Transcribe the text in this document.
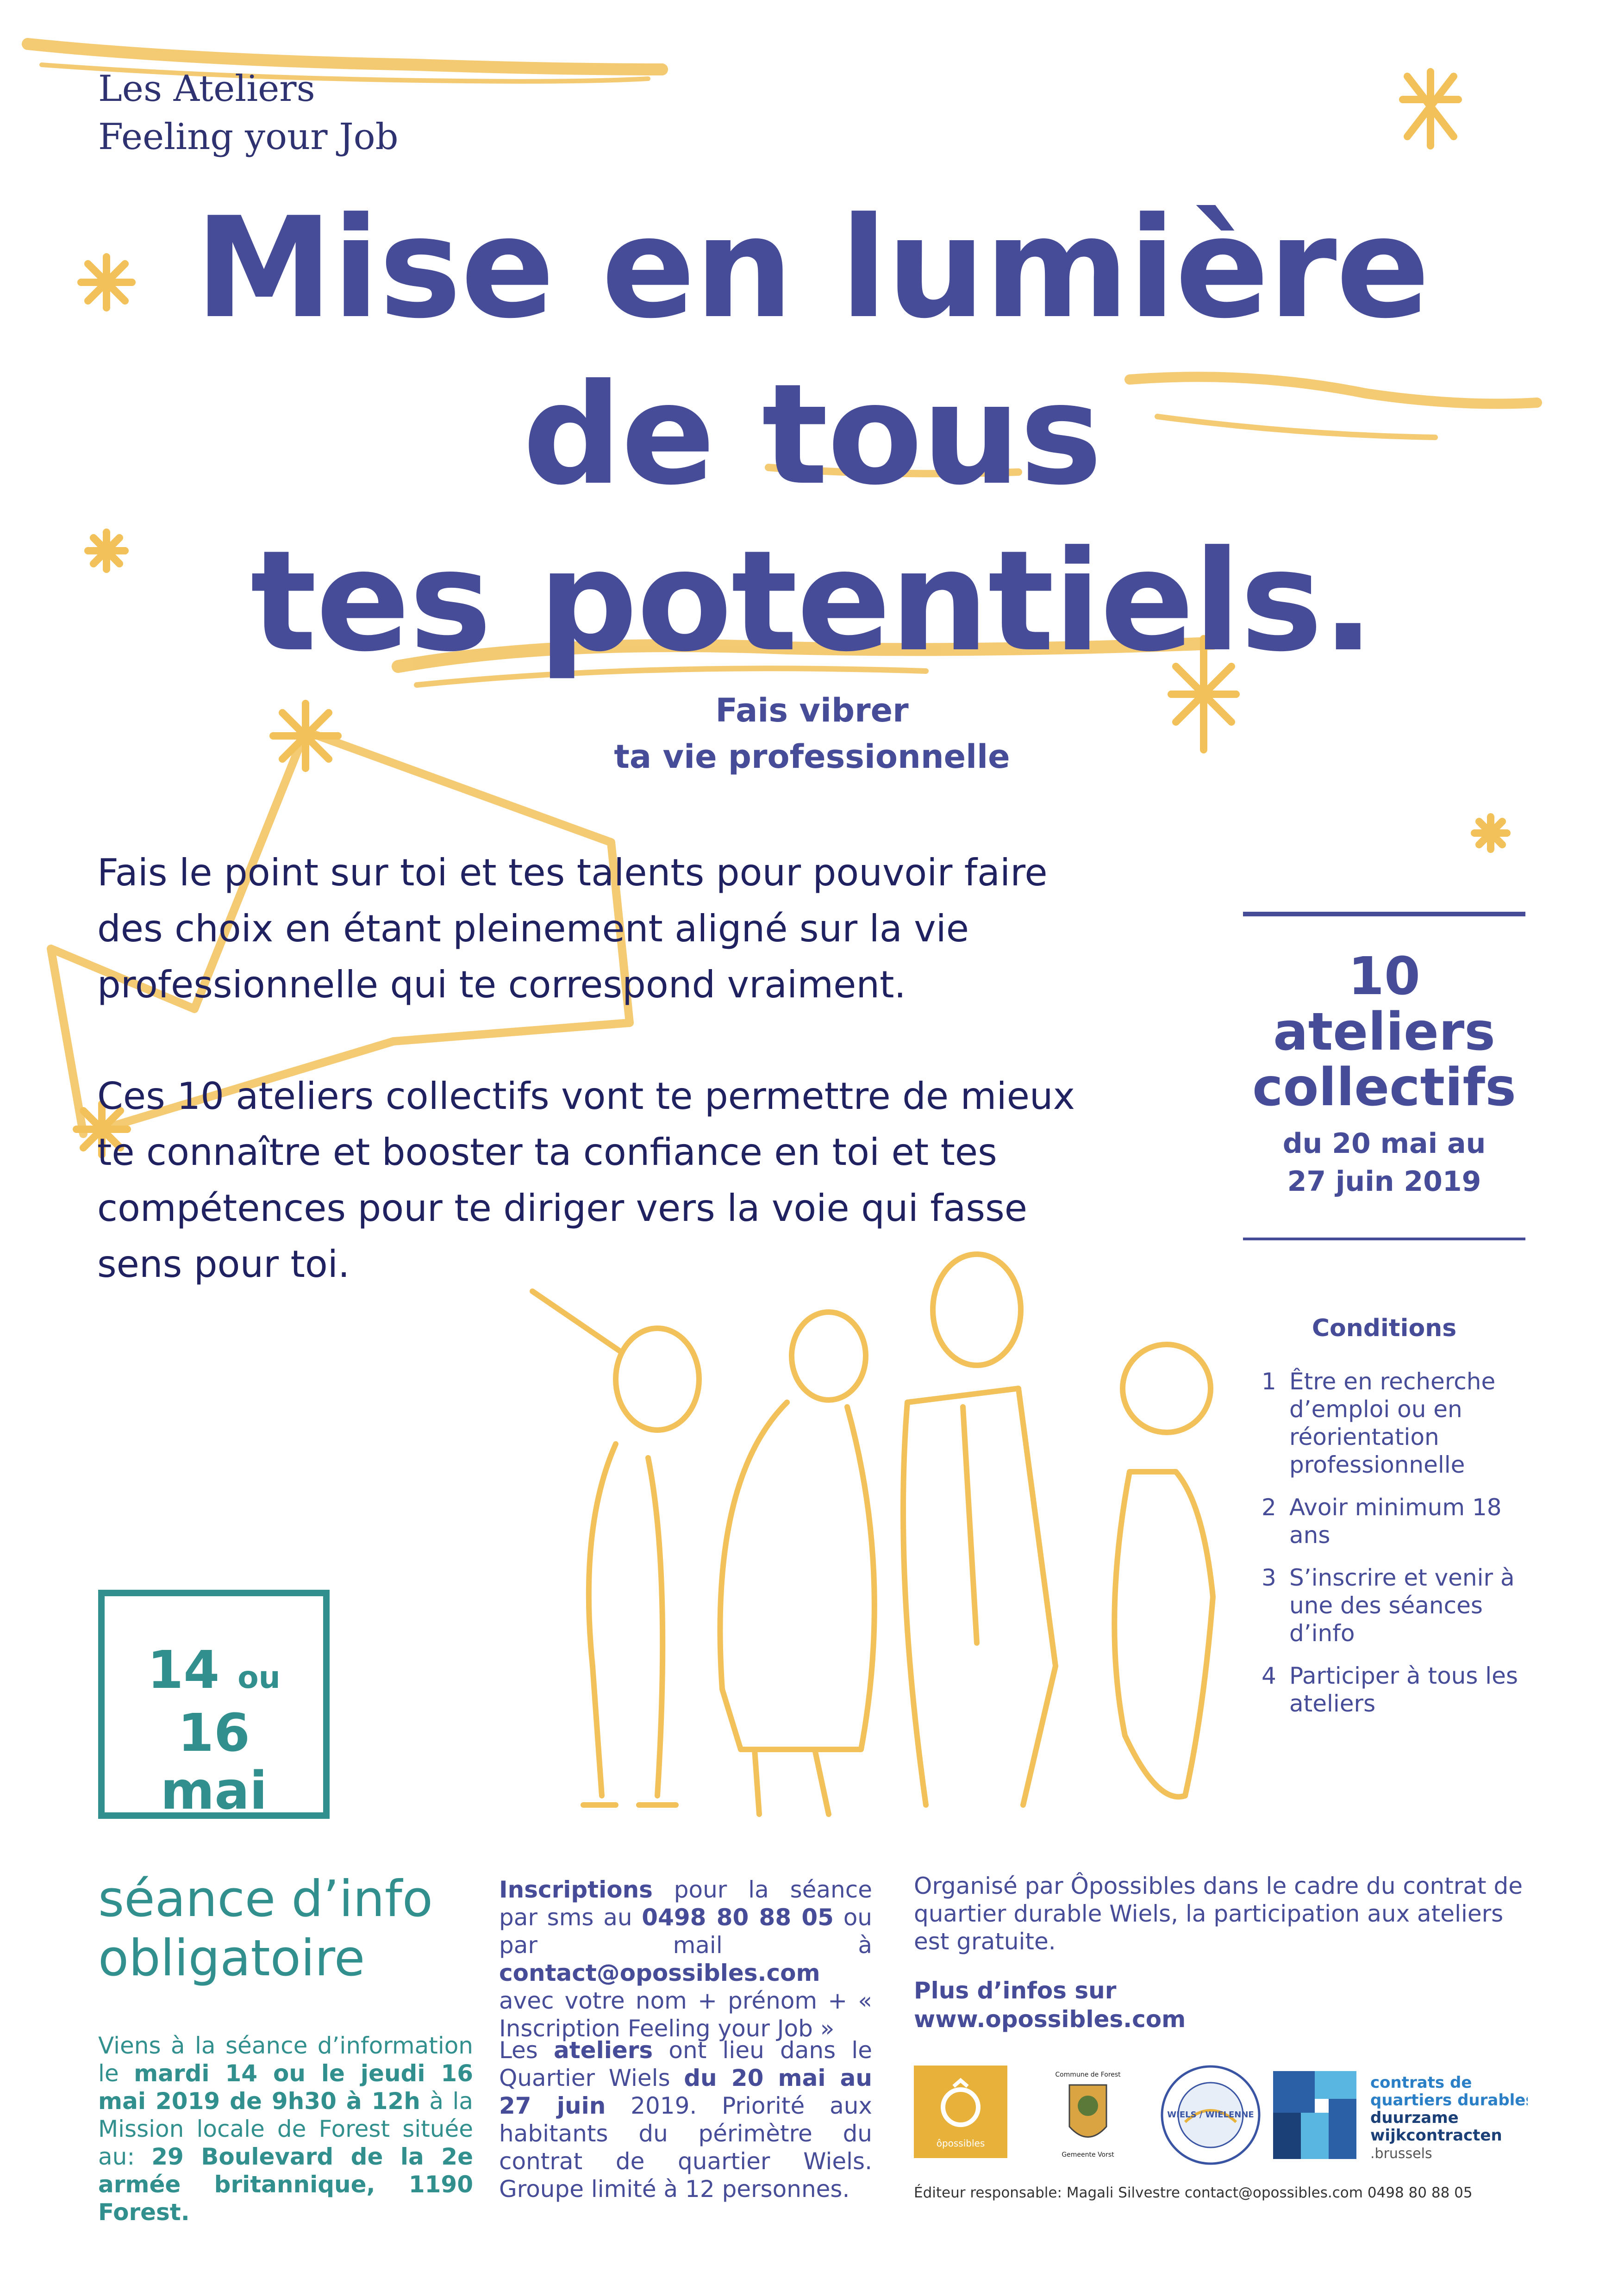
Les Ateliers
Feeling your Job
Mise en lumière
de tous
tes potentiels.
Fais vibrer
ta vie professionnelle

Fais le point sur toi et tes talents pour pouvoir faire des choix en étant pleinement aligné sur la vie professionnelle qui te correspond vraiment.

Ces 10 ateliers collectifs vont te permettre de mieux te connaître et booster ta confiance en toi et tes compétences pour te diriger vers la voie qui fasse sens pour toi.

10
ateliers
collectifs
du 20 mai au
27 juin 2019
Conditions
1 Être en recherche d’emploi ou en réorientation professionnelle
2 Avoir minimum 18 ans
3 S’inscrire et venir à une des séances d’info
4 Participer à tous les ateliers
14 ou 16
mai
séance d’info
obligatoire
Viens à la séance d’information le mardi 14 ou le jeudi 16 mai 2019 de 9h30 à 12h à la Mission locale de Forest située au: 29 Boulevard de la 2e armée britannique, 1190 Forest.
Inscriptions pour la séance par sms au 0498 80 88 05 ou par mail à contact@opossibles.com avec votre nom + prénom + « Inscription Feeling your Job »
Les ateliers ont lieu dans le Quartier Wiels du 20 mai au 27 juin 2019. Priorité aux habitants du périmètre du contrat de quartier Wiels. Groupe limité à 12 personnes.
Organisé par Ôpossibles dans le cadre du contrat de quartier durable Wiels, la participation aux ateliers est gratuite.
Plus d’infos sur
www.opossibles.com
ôpossibles
Commune de Forest
Gemeente Vorst
WIELS / WIELENNE
contrats de
quartiers durables
duurzame
wijkcontracten
.brussels
Éditeur responsable: Magali Silvestre contact@opossibles.com 0498 80 88 05
